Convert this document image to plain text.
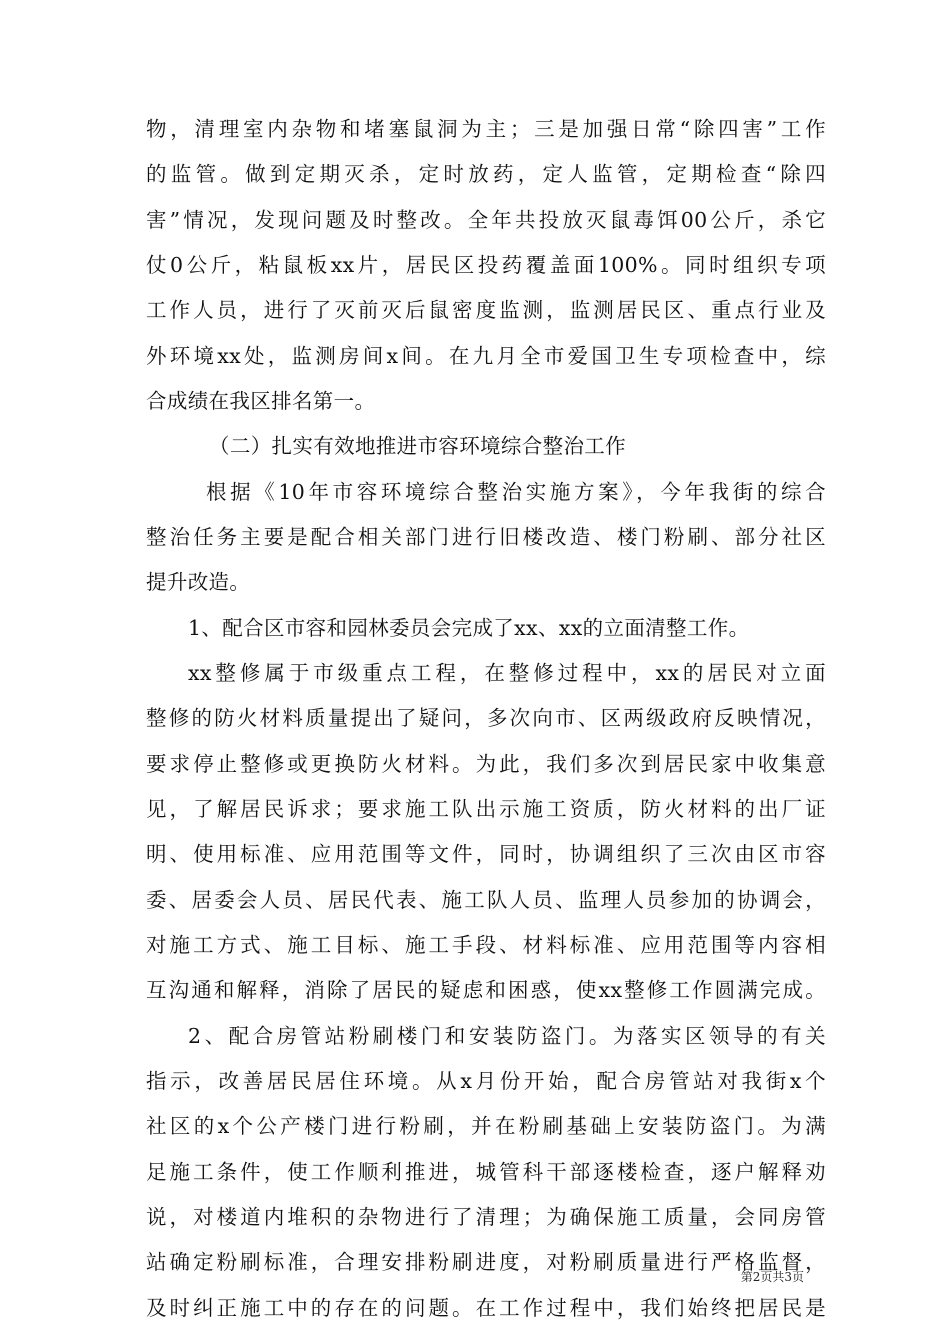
物，清理室内杂物和堵塞鼠洞为主；三是加强日常“除四害”工作
的监管。做到定期灭杀，定时放药，定人监管，定期检查“除四
害”情况，发现问题及时整改。全年共投放灭鼠毒饵00公斤，杀它
仗0公斤，粘鼠板xx片，居民区投药覆盖面100%。同时组织专项
工作人员，进行了灭前灭后鼠密度监测，监测居民区、重点行业及
外环境xx处，监测房间x间。在九月全市爱国卫生专项检查中，综
合成绩在我区排名第一。
（二）扎实有效地推进市容环境综合整治工作
根据《10年市容环境综合整治实施方案》，今年我街的综合
整治任务主要是配合相关部门进行旧楼改造、楼门粉刷、部分社区
提升改造。
1、配合区市容和园林委员会完成了xx、xx的立面清整工作。
xx整修属于市级重点工程，在整修过程中，xx的居民对立面
整修的防火材料质量提出了疑问，多次向市、区两级政府反映情况，
要求停止整修或更换防火材料。为此，我们多次到居民家中收集意
见，了解居民诉求；要求施工队出示施工资质，防火材料的出厂证
明、使用标准、应用范围等文件，同时，协调组织了三次由区市容
委、居委会人员、居民代表、施工队人员、监理人员参加的协调会，
对施工方式、施工目标、施工手段、材料标准、应用范围等内容相
互沟通和解释，消除了居民的疑虑和困惑，使xx整修工作圆满完成。
2、配合房管站粉刷楼门和安装防盗门。为落实区领导的有关
指示，改善居民居住环境。从x月份开始，配合房管站对我街x个
社区的x个公产楼门进行粉刷，并在粉刷基础上安装防盗门。为满
足施工条件，使工作顺利推进，城管科干部逐楼检查，逐户解释劝
说，对楼道内堆积的杂物进行了清理；为确保施工质量，会同房管
站确定粉刷标准，合理安排粉刷进度，对粉刷质量进行严格监督，
及时纠正施工中的存在的问题。在工作过程中，我们始终把居民是
第2页共3页
